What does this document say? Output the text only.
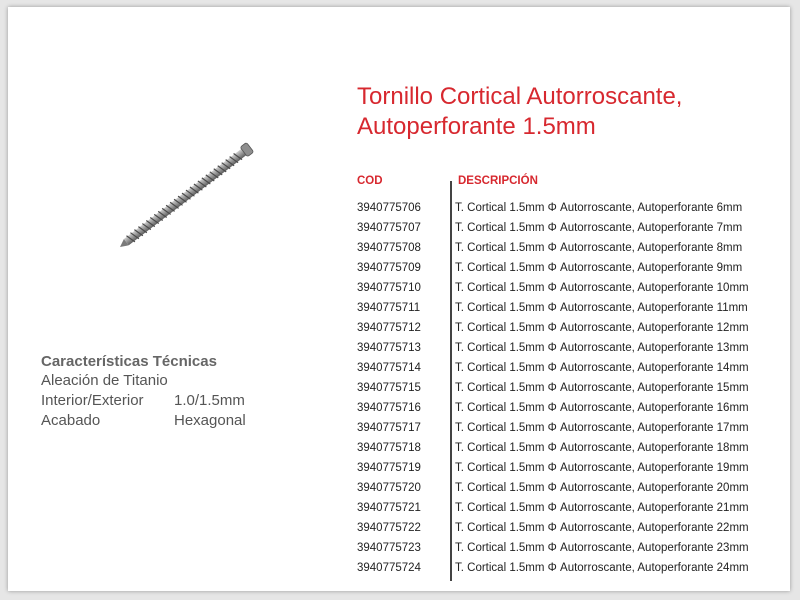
Características Técnicas
Aleación de Titanio
Interior/Exterior 1.0/1.5mm
Acabado	Hexagonal
Tornillo Cortical Autorroscante,
Autoperforante 1.5mm
COD	DESCRIPCIÓN
3940775706	T. Cortical 1.5mm Φ Autorroscante, Autoperforante 6mm
3940775707	T. Cortical 1.5mm Φ Autorroscante, Autoperforante 7mm
3940775708	T. Cortical 1.5mm Φ Autorroscante, Autoperforante 8mm
3940775709	T. Cortical 1.5mm Φ Autorroscante, Autoperforante 9mm
3940775710	T. Cortical 1.5mm Φ Autorroscante, Autoperforante 10mm
3940775711	T. Cortical 1.5mm Φ Autorroscante, Autoperforante 11mm
3940775712	T. Cortical 1.5mm Φ Autorroscante, Autoperforante 12mm
3940775713	T. Cortical 1.5mm Φ Autorroscante, Autoperforante 13mm
3940775714	T. Cortical 1.5mm Φ Autorroscante, Autoperforante 14mm
3940775715	T. Cortical 1.5mm Φ Autorroscante, Autoperforante 15mm
3940775716	T. Cortical 1.5mm Φ Autorroscante, Autoperforante 16mm
3940775717	T. Cortical 1.5mm Φ Autorroscante, Autoperforante 17mm
3940775718	T. Cortical 1.5mm Φ Autorroscante, Autoperforante 18mm
3940775719	T. Cortical 1.5mm Φ Autorroscante, Autoperforante 19mm
3940775720	T. Cortical 1.5mm Φ Autorroscante, Autoperforante 20mm
3940775721	T. Cortical 1.5mm Φ Autorroscante, Autoperforante 21mm
3940775722	T. Cortical 1.5mm Φ Autorroscante, Autoperforante 22mm
3940775723	T. Cortical 1.5mm Φ Autorroscante, Autoperforante 23mm
3940775724	T. Cortical 1.5mm Φ Autorroscante, Autoperforante 24mm
